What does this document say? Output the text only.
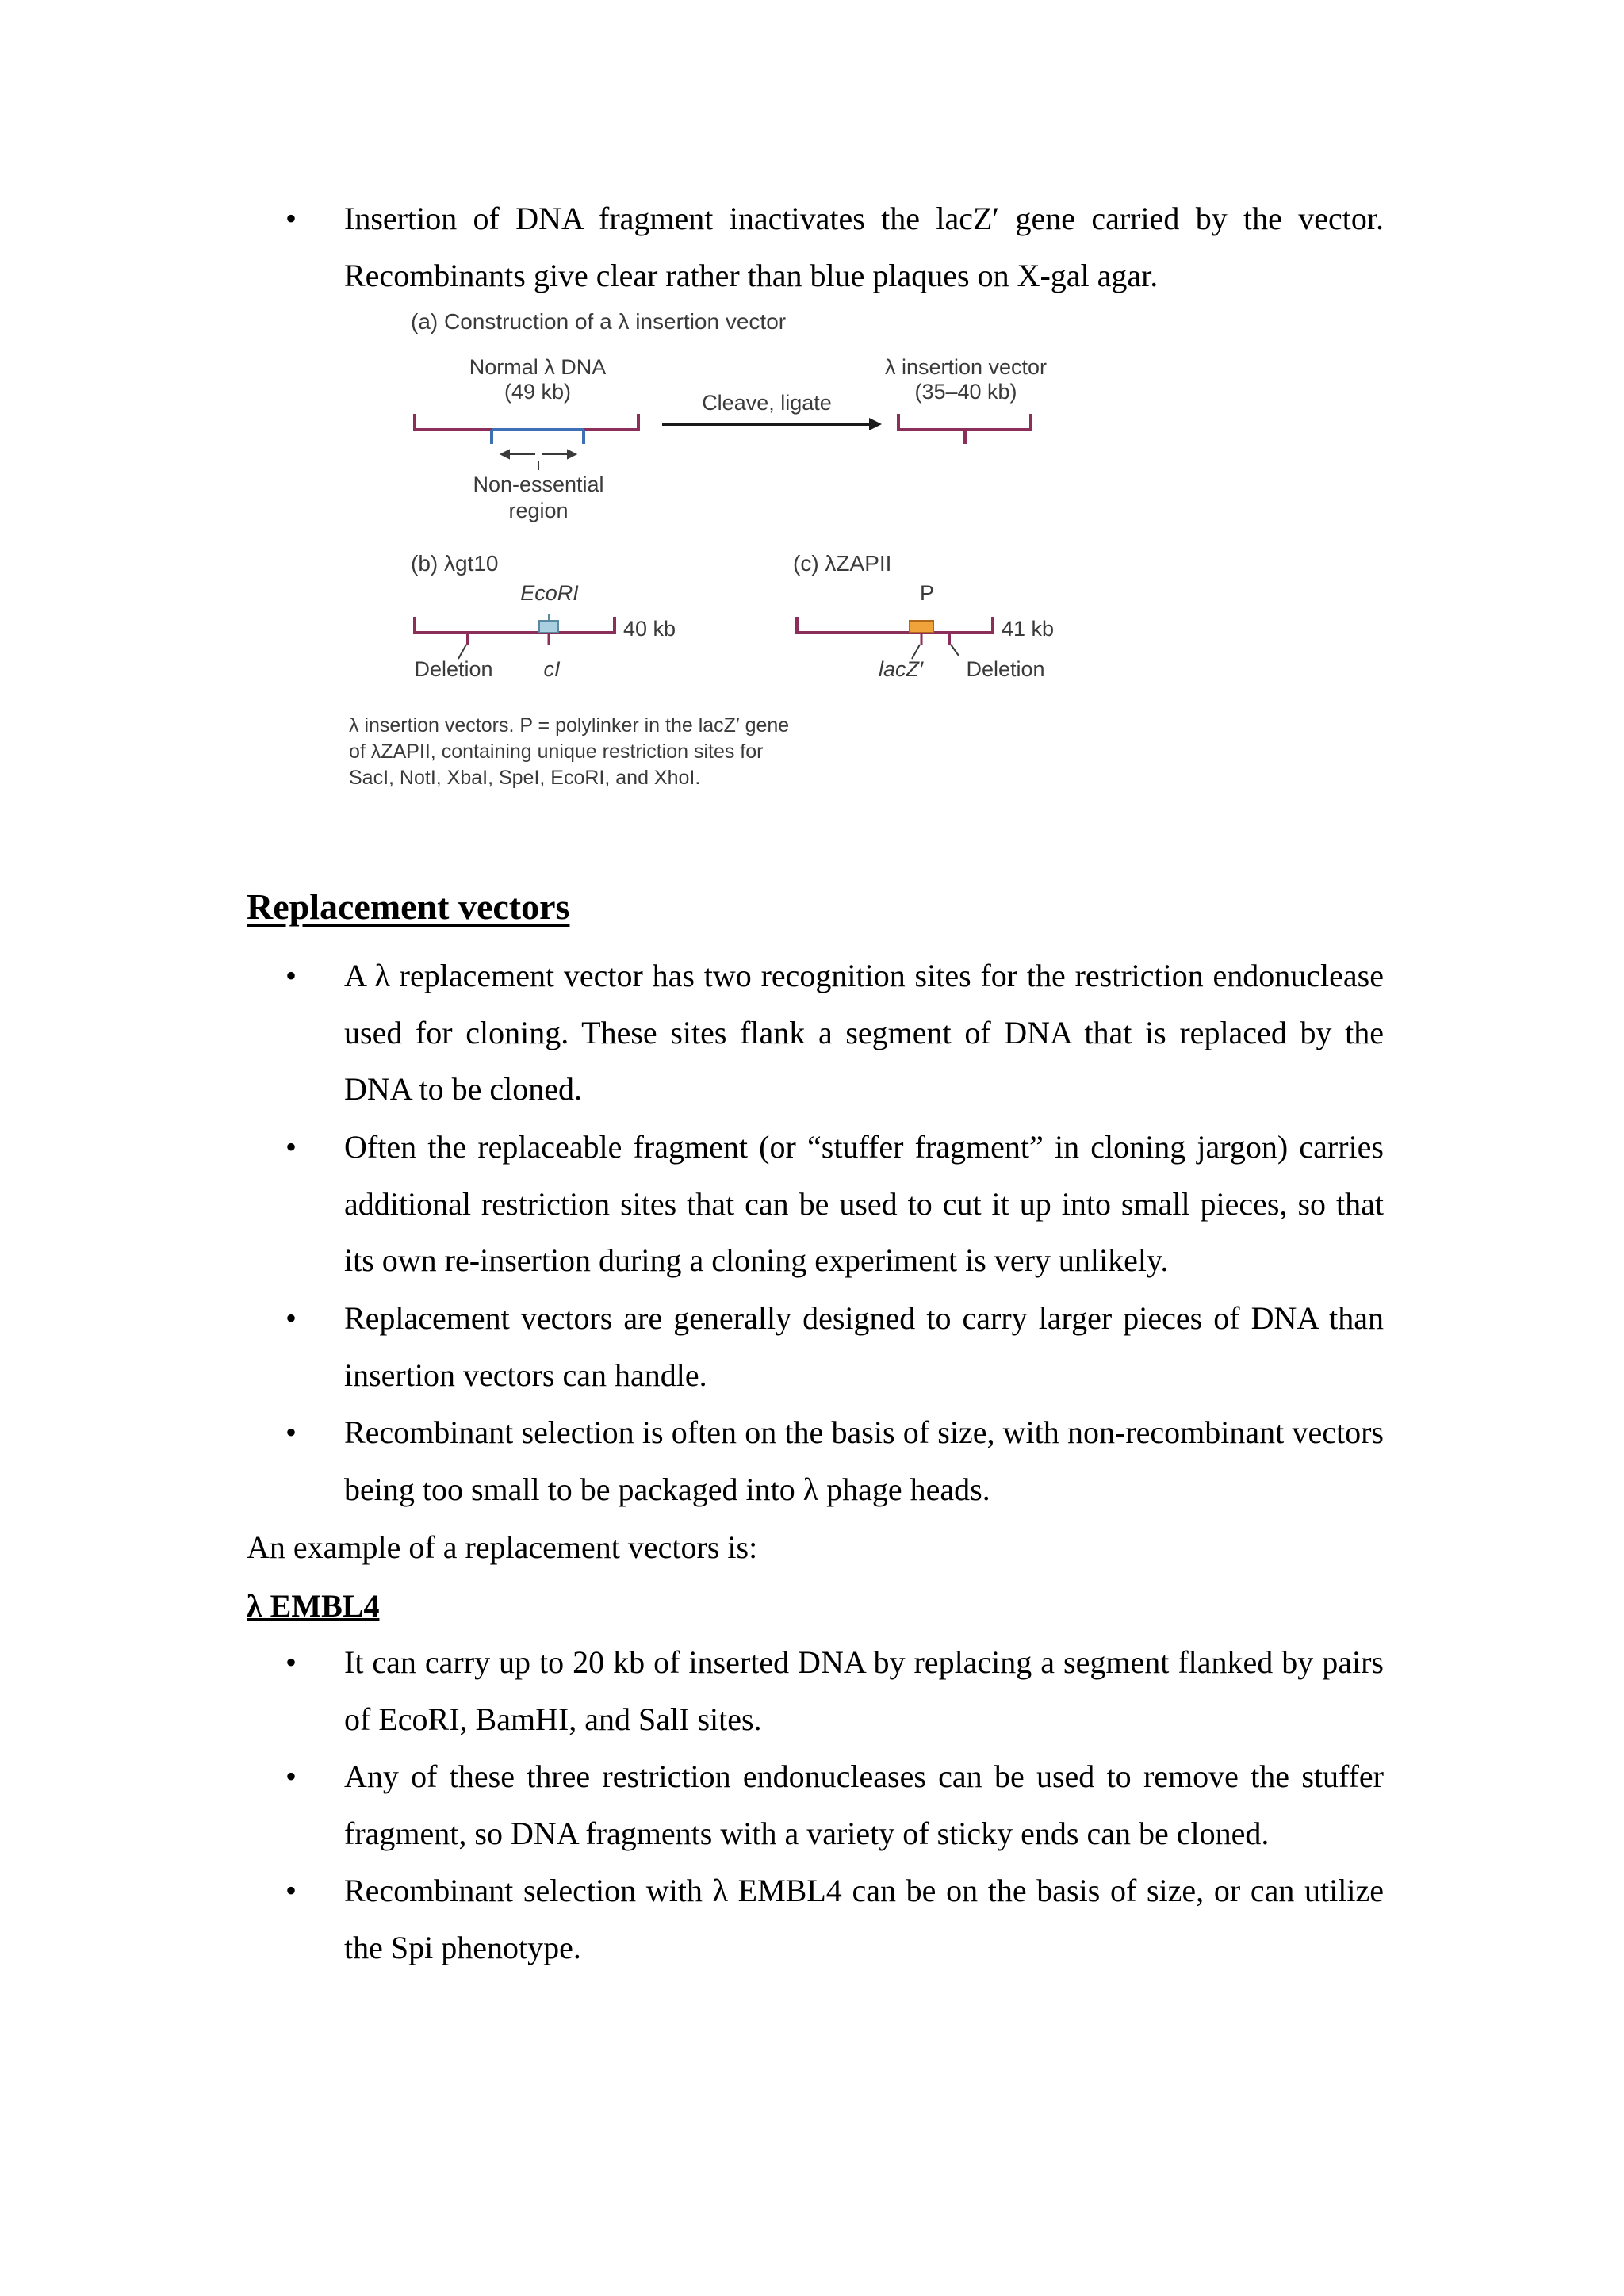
• Insertion of DNA fragment inactivates the lacZ′ gene carried by the vector. Recombinants give clear rather than blue plaques on X-gal agar.
(a) Construction of a λ insertion vector
Normal λ DNA
(49 kb)
Non-essential
region
Cleave, ligate
λ insertion vector
(35–40 kb)
(b) λgt10
EcoRI
40 kb
Deletion cI
(c) λZAPII
P
41 kb
lacZ′ Deletion
λ insertion vectors. P = polylinker in the lacZ′ gene
of λZAPII, containing unique restriction sites for
SacI, NotI, XbaI, SpeI, EcoRI, and XhoI.
Replacement vectors
• A λ replacement vector has two recognition sites for the restriction endonuclease used for cloning. These sites flank a segment of DNA that is replaced by the DNA to be cloned.
• Often the replaceable fragment (or “stuffer fragment” in cloning jargon) carries additional restriction sites that can be used to cut it up into small pieces, so that its own re-insertion during a cloning experiment is very unlikely.
• Replacement vectors are generally designed to carry larger pieces of DNA than insertion vectors can handle.
• Recombinant selection is often on the basis of size, with non-recombinant vectors being too small to be packaged into λ phage heads.
An example of a replacement vectors is:
λ EMBL4
• It can carry up to 20 kb of inserted DNA by replacing a segment flanked by pairs of EcoRI, BamHI, and SalI sites.
• Any of these three restriction endonucleases can be used to remove the stuffer fragment, so DNA fragments with a variety of sticky ends can be cloned.
• Recombinant selection with λ EMBL4 can be on the basis of size, or can utilize the Spi phenotype.
